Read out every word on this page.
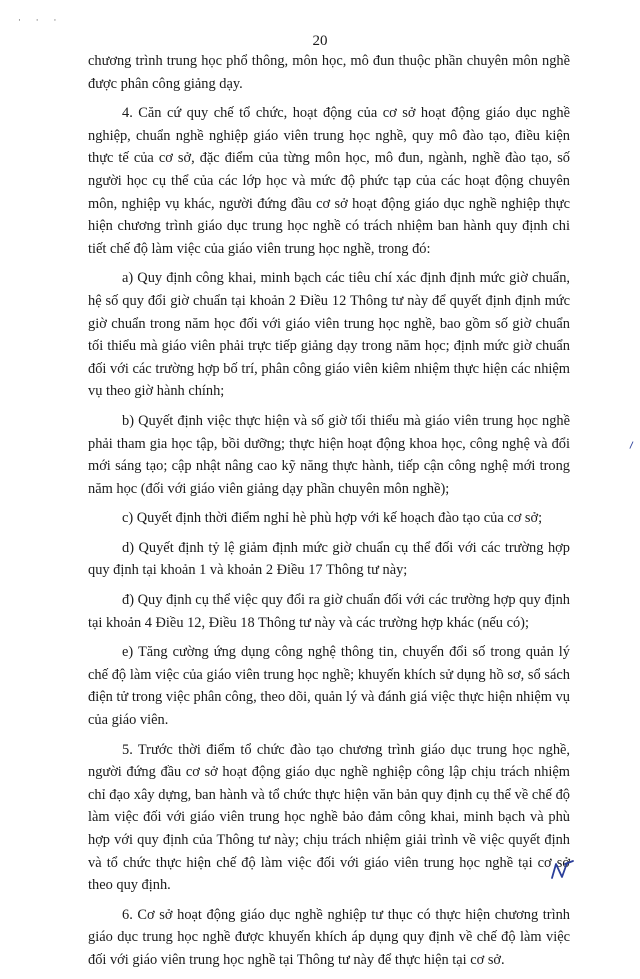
· · ·
20

chương trình trung học phổ thông, môn học, mô đun thuộc phần chuyên môn nghề được phân công giảng dạy.

4. Căn cứ quy chế tổ chức, hoạt động của cơ sở hoạt động giáo dục nghề nghiệp, chuẩn nghề nghiệp giáo viên trung học nghề, quy mô đào tạo, điều kiện thực tế của cơ sở, đặc điểm của từng môn học, mô đun, ngành, nghề đào tạo, số người học cụ thể của các lớp học và mức độ phức tạp của các hoạt động chuyên môn, nghiệp vụ khác, người đứng đầu cơ sở hoạt động giáo dục nghề nghiệp thực hiện chương trình giáo dục trung học nghề có trách nhiệm ban hành quy định chi tiết chế độ làm việc của giáo viên trung học nghề, trong đó:

a) Quy định công khai, minh bạch các tiêu chí xác định định mức giờ chuẩn, hệ số quy đổi giờ chuẩn tại khoản 2 Điều 12 Thông tư này để quyết định định mức giờ chuẩn trong năm học đối với giáo viên trung học nghề, bao gồm số giờ chuẩn tối thiểu mà giáo viên phải trực tiếp giảng dạy trong năm học; định mức giờ chuẩn đối với các trường hợp bố trí, phân công giáo viên kiêm nhiệm thực hiện các nhiệm vụ theo giờ hành chính;

b) Quyết định việc thực hiện và số giờ tối thiểu mà giáo viên trung học nghề phải tham gia học tập, bồi dưỡng; thực hiện hoạt động khoa học, công nghệ và đổi mới sáng tạo; cập nhật nâng cao kỹ năng thực hành, tiếp cận công nghệ mới trong năm học (đối với giáo viên giảng dạy phần chuyên môn nghề);

c) Quyết định thời điểm nghỉ hè phù hợp với kế hoạch đào tạo của cơ sở;

d) Quyết định tỷ lệ giảm định mức giờ chuẩn cụ thể đối với các trường hợp quy định tại khoản 1 và khoản 2 Điều 17 Thông tư này;

đ) Quy định cụ thể việc quy đổi ra giờ chuẩn đối với các trường hợp quy định tại khoản 4 Điều 12, Điều 18 Thông tư này và các trường hợp khác (nếu có);

e) Tăng cường ứng dụng công nghệ thông tin, chuyển đổi số trong quản lý chế độ làm việc của giáo viên trung học nghề; khuyến khích sử dụng hồ sơ, sổ sách điện tử trong việc phân công, theo dõi, quản lý và đánh giá việc thực hiện nhiệm vụ của giáo viên.

5. Trước thời điểm tổ chức đào tạo chương trình giáo dục trung học nghề, người đứng đầu cơ sở hoạt động giáo dục nghề nghiệp công lập chịu trách nhiệm chỉ đạo xây dựng, ban hành và tổ chức thực hiện văn bản quy định cụ thể về chế độ làm việc đối với giáo viên trung học nghề bảo đảm công khai, minh bạch và phù hợp với quy định của Thông tư này; chịu trách nhiệm giải trình về việc quyết định và tổ chức thực hiện chế độ làm việc đối với giáo viên trung học nghề tại cơ sở theo quy định.

6. Cơ sở hoạt động giáo dục nghề nghiệp tư thục có thực hiện chương trình giáo dục trung học nghề được khuyến khích áp dụng quy định về chế độ làm việc đối với giáo viên trung học nghề tại Thông tư này để thực hiện tại cơ sở.

⸝
